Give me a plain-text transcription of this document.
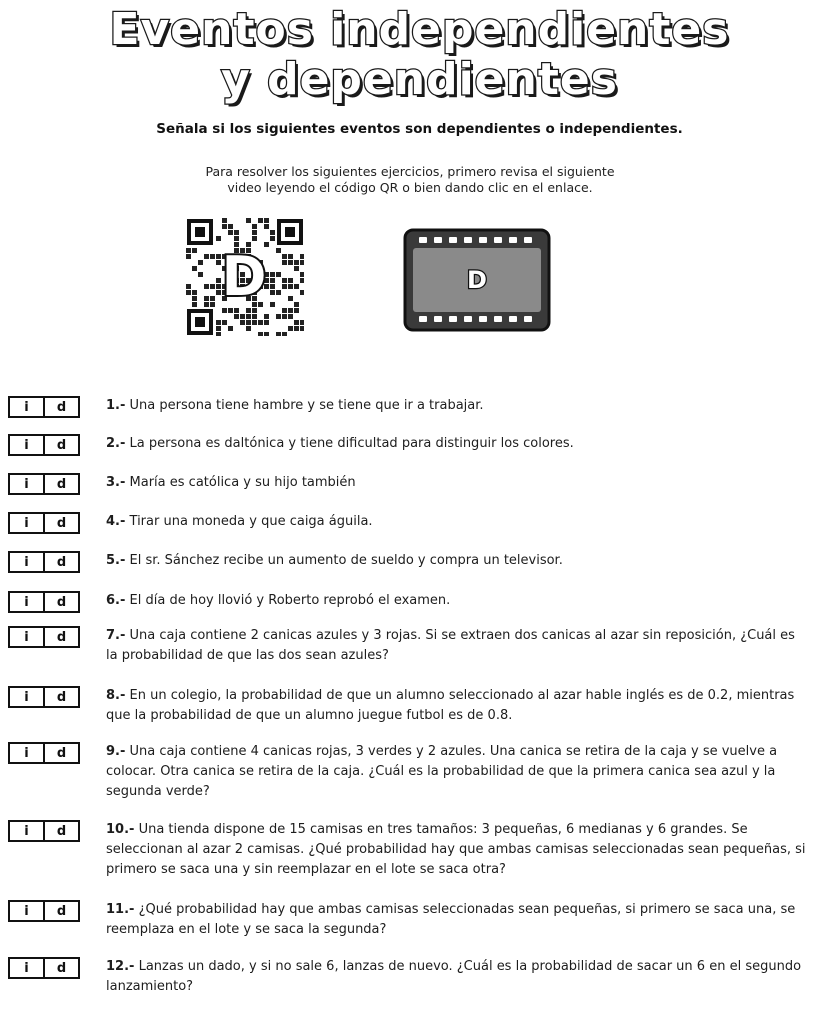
Eventos independientes
y dependientes
Señala si los siguientes eventos son dependientes o independientes.
Para resolver los siguientes ejercicios, primero revisa el siguiente
video leyendo el código QR o bien dando clic en el enlace.
D	D
i	d	1.- Una persona tiene hambre y se tiene que ir a trabajar.
i	d	2.- La persona es daltónica y tiene dificultad para distinguir los colores.
i	d	3.- María es católica y su hijo también
i	d	4.- Tirar una moneda y que caiga águila.
i	d	5.- El sr. Sánchez recibe un aumento de sueldo y compra un televisor.
i	d	6.- El día de hoy llovió y Roberto reprobó el examen.
i	d	7.- Una caja contiene 2 canicas azules y 3 rojas. Si se extraen dos canicas al azar sin reposición, ¿Cuál es la probabilidad de que las dos sean azules?
i	d	8.- En un colegio, la probabilidad de que un alumno seleccionado al azar hable inglés es de 0.2, mientras que la probabilidad de que un alumno juegue futbol es de 0.8.
i	d	9.- Una caja contiene 4 canicas rojas, 3 verdes y 2 azules. Una canica se retira de la caja y se vuelve a colocar. Otra canica se retira de la caja. ¿Cuál es la probabilidad de que la primera canica sea azul y la segunda verde?
i	d	10.- Una tienda dispone de 15 camisas en tres tamaños: 3 pequeñas, 6 medianas y 6 grandes. Se seleccionan al azar 2 camisas. ¿Qué probabilidad hay que ambas camisas seleccionadas sean pequeñas, si primero se saca una y sin reemplazar en el lote se saca otra?
i	d	11.- ¿Qué probabilidad hay que ambas camisas seleccionadas sean pequeñas, si primero se saca una, se reemplaza en el lote y se saca la segunda?
i	d	12.- Lanzas un dado, y si no sale 6, lanzas de nuevo. ¿Cuál es la probabilidad de sacar un 6 en el segundo lanzamiento?
